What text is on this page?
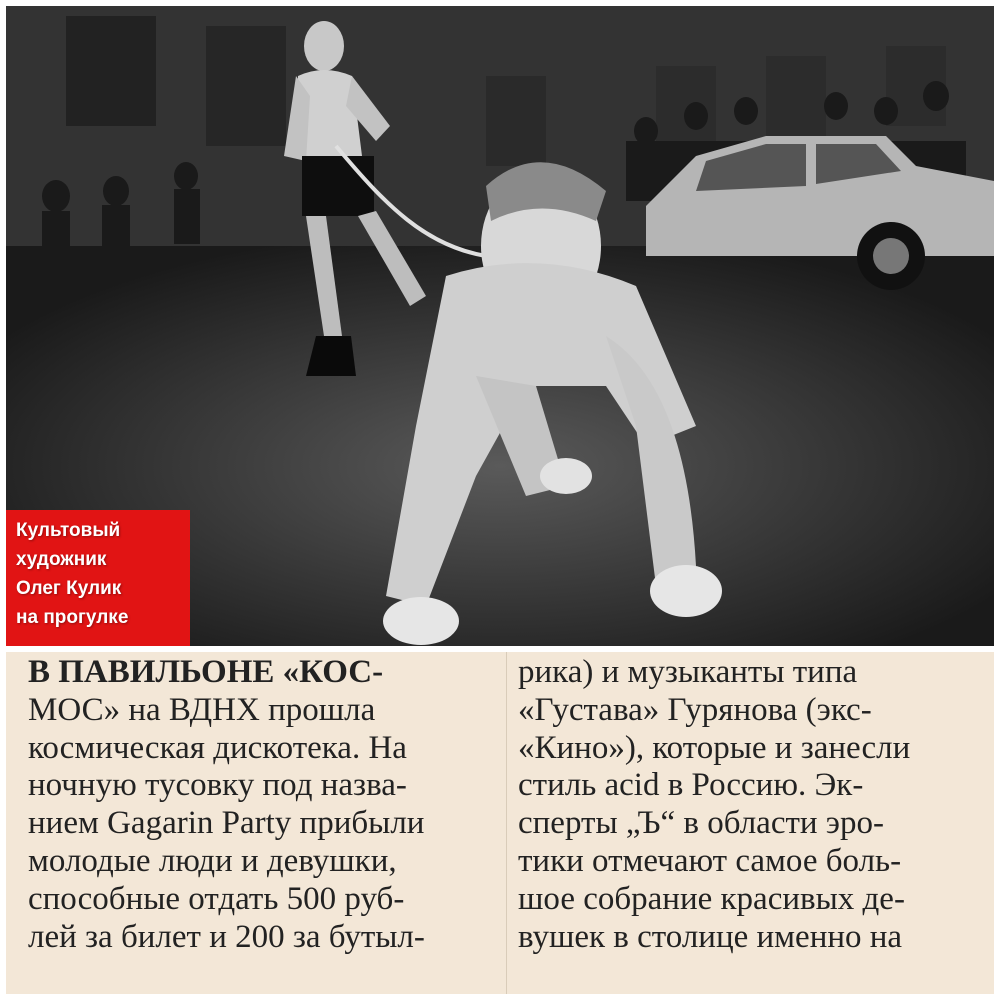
Культовый
художник
Олег Кулик
на прогулке
В ПАВИЛЬОНЕ «КОС-
МОС» на ВДНХ прошла
космическая дискотека. На
ночную тусовку под назва-
нием Gagarin Party прибыли
молодые люди и девушки,
способные отдать 500 руб-
лей за билет и 200 за бутыл-
рика) и музыканты типа
«Густава» Гурянова (экс-
«Кино»), которые и занесли
стиль acid в Россию. Эк-
сперты „Ъ“ в области эро-
тики отмечают самое боль-
шое собрание красивых де-
вушек в столице именно на
